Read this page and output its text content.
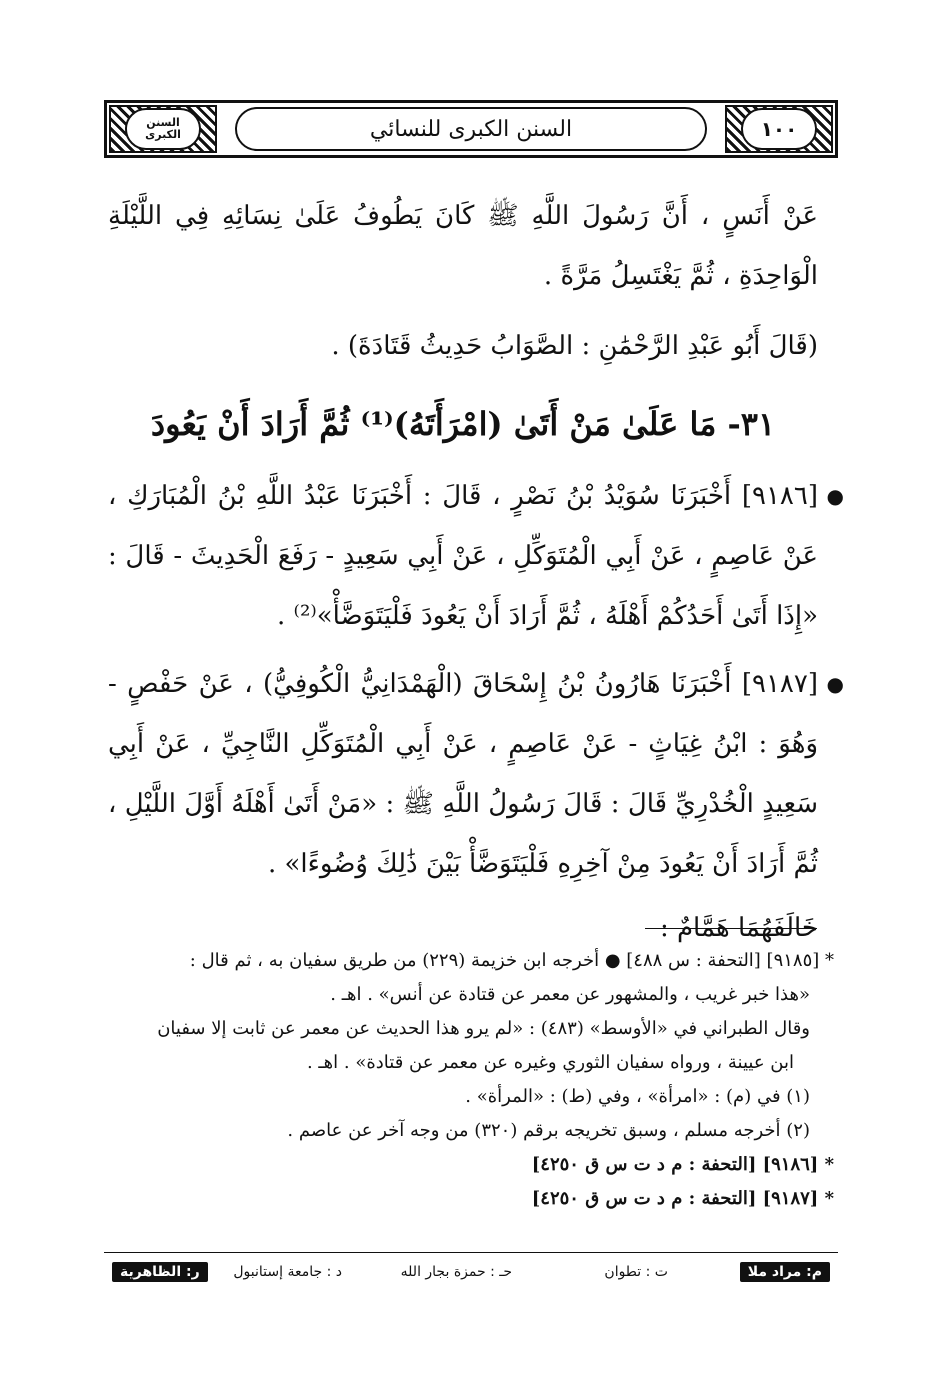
١٠٠
السنن الكبرى	السنن الكبرى للنسائي

عَنْ أَنَسٍ ، أَنَّ رَسُولَ اللَّهِ ﷺ كَانَ يَطُوفُ عَلَىٰ نِسَائِهِ فِي اللَّيْلَةِ الْوَاحِدَةِ ، ثُمَّ يَغْتَسِلُ مَرَّةً .

(قَالَ أَبُو عَبْدِ الرَّحْمَٰنِ : الصَّوَابُ حَدِيثُ قَتَادَةَ) .

٣١- مَا عَلَىٰ مَنْ أَتَىٰ (امْرَأَتَهُ)⁽¹⁾ ثُمَّ أَرَادَ أَنْ يَعُودَ

●

[٩١٨٦] أَخْبَرَنَا سُوَيْدُ بْنُ نَصْرٍ ، قَالَ : أَخْبَرَنَا عَبْدُ اللَّهِ بْنُ الْمُبَارَكِ ، عَنْ عَاصِمٍ ، عَنْ أَبِي الْمُتَوَكِّلِ ، عَنْ أَبِي سَعِيدٍ - رَفَعَ الْحَدِيثَ - قَالَ : «إِذَا أَتَىٰ أَحَدُكُمْ أَهْلَهُ ، ثُمَّ أَرَادَ أَنْ يَعُودَ فَلْيَتَوَضَّأْ»⁽²⁾ .

●

[٩١٨٧] أَخْبَرَنَا هَارُونُ بْنُ إِسْحَاقَ (الْهَمْدَانِيُّ الْكُوفِيُّ) ، عَنْ حَفْصٍ - وَهُوَ : ابْنُ غِيَاثٍ - عَنْ عَاصِمٍ ، عَنْ أَبِي الْمُتَوَكِّلِ النَّاجِيِّ ، عَنْ أَبِي سَعِيدٍ الْخُدْرِيِّ قَالَ : قَالَ رَسُولُ اللَّهِ ﷺ : «مَنْ أَتَىٰ أَهْلَهُ أَوَّلَ اللَّيْلِ ، ثُمَّ أَرَادَ أَنْ يَعُودَ مِنْ آخِرِهِ فَلْيَتَوَضَّأْ بَيْنَ ذَٰلِكَ وُضُوءًا» .

خَالَفَهُمَا هَمَّامٌ :

* [٩١٨٥] [التحفة : س ٤٨٨] ● أخرجه ابن خزيمة (٢٢٩) من طريق سفيان به ، ثم قال :

«هذا خبر غريب ، والمشهور عن معمر عن قتادة عن أنس» . اهـ .

وقال الطبراني في «الأوسط» (٤٨٣) : «لم يرو هذا الحديث عن معمر عن ثابت إلا سفيان

ابن عيينة ، ورواه سفيان الثوري وغيره عن معمر عن قتادة» . اهـ .

(١) في (م) : «امرأة» ، وفي (ط) : «المرأة» .

(٢) أخرجه مسلم ، وسبق تخريجه برقم (٣٢٠) من وجه آخر عن عاصم .

* [٩١٨٦] [التحفة : م د ت س ق ٤٢٥٠]

* [٩١٨٧] [التحفة : م د ت س ق ٤٢٥٠]

م: مراد ملا
ت : تطوان
حـ : حمزة بجار الله
د : جامعة إستانبول
ر: الظاهرية
